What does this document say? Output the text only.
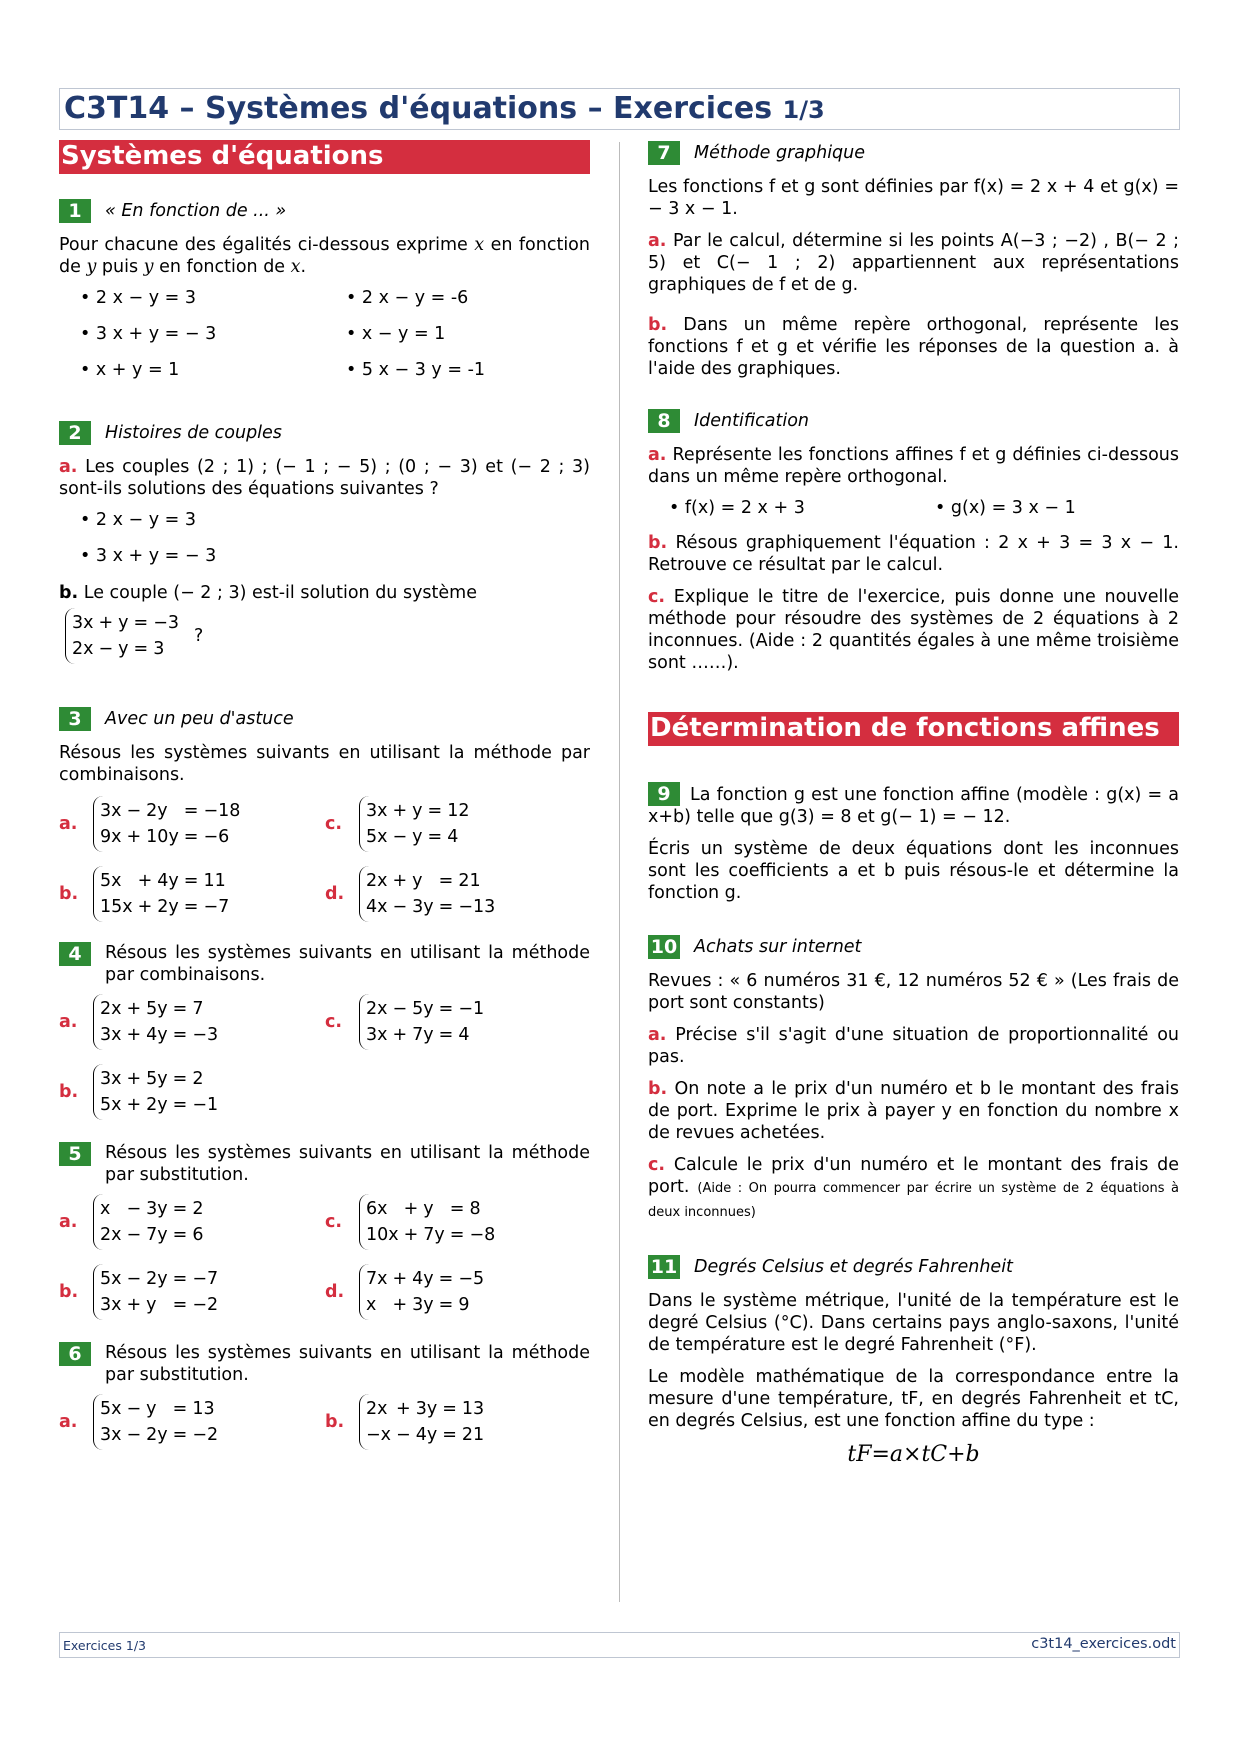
C3T14 – Systèmes d'équations – Exercices 1/3
Systèmes d'équations
1	« En fonction de ... »

Pour chacune des égalités ci-dessous exprime x en fonction de y puis y en fonction de x.

• 2 x − y = 3	• 2 x − y = -6
• 3 x + y = − 3	• x − y = 1
• x + y = 1	• 5 x − 3 y = -1
2	Histoires de couples

a. Les couples (2 ; 1) ; (− 1 ; − 5) ; (0 ; − 3) et (− 2 ; 3) sont-ils solutions des équations suivantes ?

• 2 x − y = 3
• 3 x + y = − 3

b. Le couple (− 2 ; 3) est-il solution du système

3x	+	y	=	−3
2x	−	y	=	3
?
3	Avec un peu d'astuce

Résous les systèmes suivants en utilisant la méthode par combinaisons.

a.
3x	−	2y	=	−18
9x	+	10y	=	−6
c.
3x	+	y	=	12
5x	−	y	=	4
b.
5x	+	4y	=	11
15x	+	2y	=	−7
d.
2x	+	y	=	21
4x	−	3y	=	−13

4	Résous les systèmes suivants en utilisant la méthode par combinaisons.

a.
2x	+	5y	=	7
3x	+	4y	=	−3
c.
2x	−	5y	=	−1
3x	+	7y	=	4
b.
3x	+	5y	=	2
5x	+	2y	=	−1

5	Résous les systèmes suivants en utilisant la méthode par substitution.

a.
x	−	3y	=	2
2x	−	7y	=	6
c.
6x	+	y	=	8
10x	+	7y	=	−8
b.
5x	−	2y	=	−7
3x	+	y	=	−2
d.
7x	+	4y	=	−5
x	+	3y	=	9

6	Résous les systèmes suivants en utilisant la méthode par substitution.

a.
5x	−	y	=	13
3x	−	2y	=	−2
b.
2x	+	3y	=	13
−x	−	4y	=	21
7	Méthode graphique

Les fonctions f et g sont définies par f(x) = 2 x + 4 et g(x) = − 3 x − 1.

a. Par le calcul, détermine si les points A(−3 ; −2) , B(− 2 ; 5) et C(− 1 ; 2) appartiennent aux représentations graphiques de f et de g.

b. Dans un même repère orthogonal, représente les fonctions f et g et vérifie les réponses de la question a. à l'aide des graphiques.

8	Identification

a. Représente les fonctions affines f et g définies ci-dessous dans un même repère orthogonal.

• f(x) = 2 x + 3	• g(x) = 3 x − 1

b. Résous graphiquement l'équation : 2 x + 3 = 3 x − 1. Retrouve ce résultat par le calcul.

c. Explique le titre de l'exercice, puis donne une nouvelle méthode pour résoudre des systèmes de 2 équations à 2 inconnues. (Aide : 2 quantités égales à une même troisième sont ……).

Détermination de fonctions affines

9 La fonction g est une fonction affine (modèle : g(x) = a x+b) telle que g(3) = 8 et g(− 1) = − 12.

Écris un système de deux équations dont les inconnues sont les coefficients a et b puis résous-le et détermine la fonction g.

10 Achats sur internet

Revues : « 6 numéros 31 €, 12 numéros 52 € » (Les frais de port sont constants)

a. Précise s'il s'agit d'une situation de proportionnalité ou pas.

b. On note a le prix d'un numéro et b le montant des frais de port. Exprime le prix à payer y en fonction du nombre x de revues achetées.

c. Calcule le prix d'un numéro et le montant des frais de port. (Aide : On pourra commencer par écrire un système de 2 équations à deux inconnues)

11 Degrés Celsius et degrés Fahrenheit

Dans le système métrique, l'unité de la température est le degré Celsius (°C). Dans certains pays anglo-saxons, l'unité de température est le degré Fahrenheit (°F).

Le modèle mathématique de la correspondance entre la mesure d'une température, tF, en degrés Fahrenheit et tC, en degrés Celsius, est une fonction affine du type :

tF=a×tC+b
Exercices 1/3	c3t14_exercices.odt
